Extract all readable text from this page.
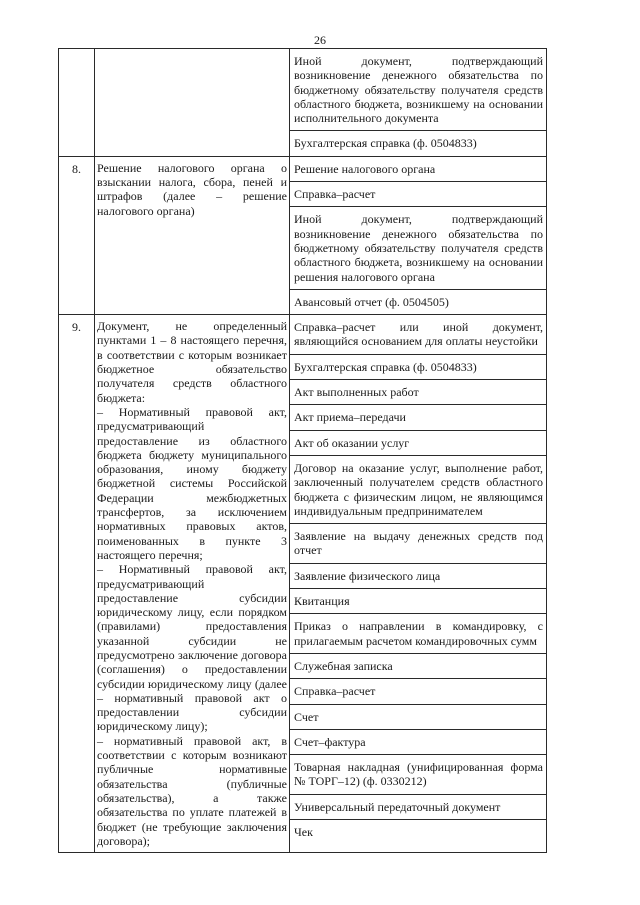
26
Иной документ, подтверждающий возникновение денежного обязательства по бюджетному обязательству получателя средств областного бюджета, возникшему на основании исполнительного документа
Бухгалтерская справка (ф. 0504833)
8.	Решение налогового органа о взыскании налога, сбора, пеней и штрафов (далее – решение налогового органа)

Решение налогового органа
Справка–расчет
Иной документ, подтверждающий возникновение денежного обязательства по бюджетному обязательству получателя средств областного бюджета, возникшему на основании решения налогового органа
Авансовый отчет (ф. 0504505)
9.	Документ, не определенный пунктами 1 – 8 настоящего перечня, в соответствии с которым возникает бюджетное обязательство получателя средств областного бюджета:

– Нормативный правовой акт, предусматривающий предоставление из областного бюджета бюджету муниципального образования, иному бюджету бюджетной системы Российской Федерации межбюджетных трансфертов, за исключением нормативных правовых актов, поименованных в пункте 3 настоящего перечня;

– Нормативный правовой акт, предусматривающий предоставление субсидии юридическому лицу, если порядком (правилами) предоставления указанной субсидии не предусмотрено заключение договора (соглашения) о предоставлении субсидии юридическому лицу (далее – нормативный правовой акт о предоставлении субсидии юридическому лицу);

– нормативный правовой акт, в соответствии с которым возникают публичные нормативные обязательства (публичные обязательства), а также обязательства по уплате платежей в бюджет (не требующие заключения договора);

Справка–расчет или иной документ, являющийся основанием для оплаты неустойки
Бухгалтерская справка (ф. 0504833)
Акт выполненных работ
Акт приема–передачи
Акт об оказании услуг
Договор на оказание услуг, выполнение работ, заключенный получателем средств областного бюджета с физическим лицом, не являющимся индивидуальным предпринимателем
Заявление на выдачу денежных средств под отчет
Заявление физического лица
Квитанция
Приказ о направлении в командировку, с прилагаемым расчетом командировочных сумм
Служебная записка
Справка–расчет
Счет
Счет–фактура
Товарная накладная (унифицированная форма № ТОРГ–12) (ф. 0330212)
Универсальный передаточный документ
Чек
